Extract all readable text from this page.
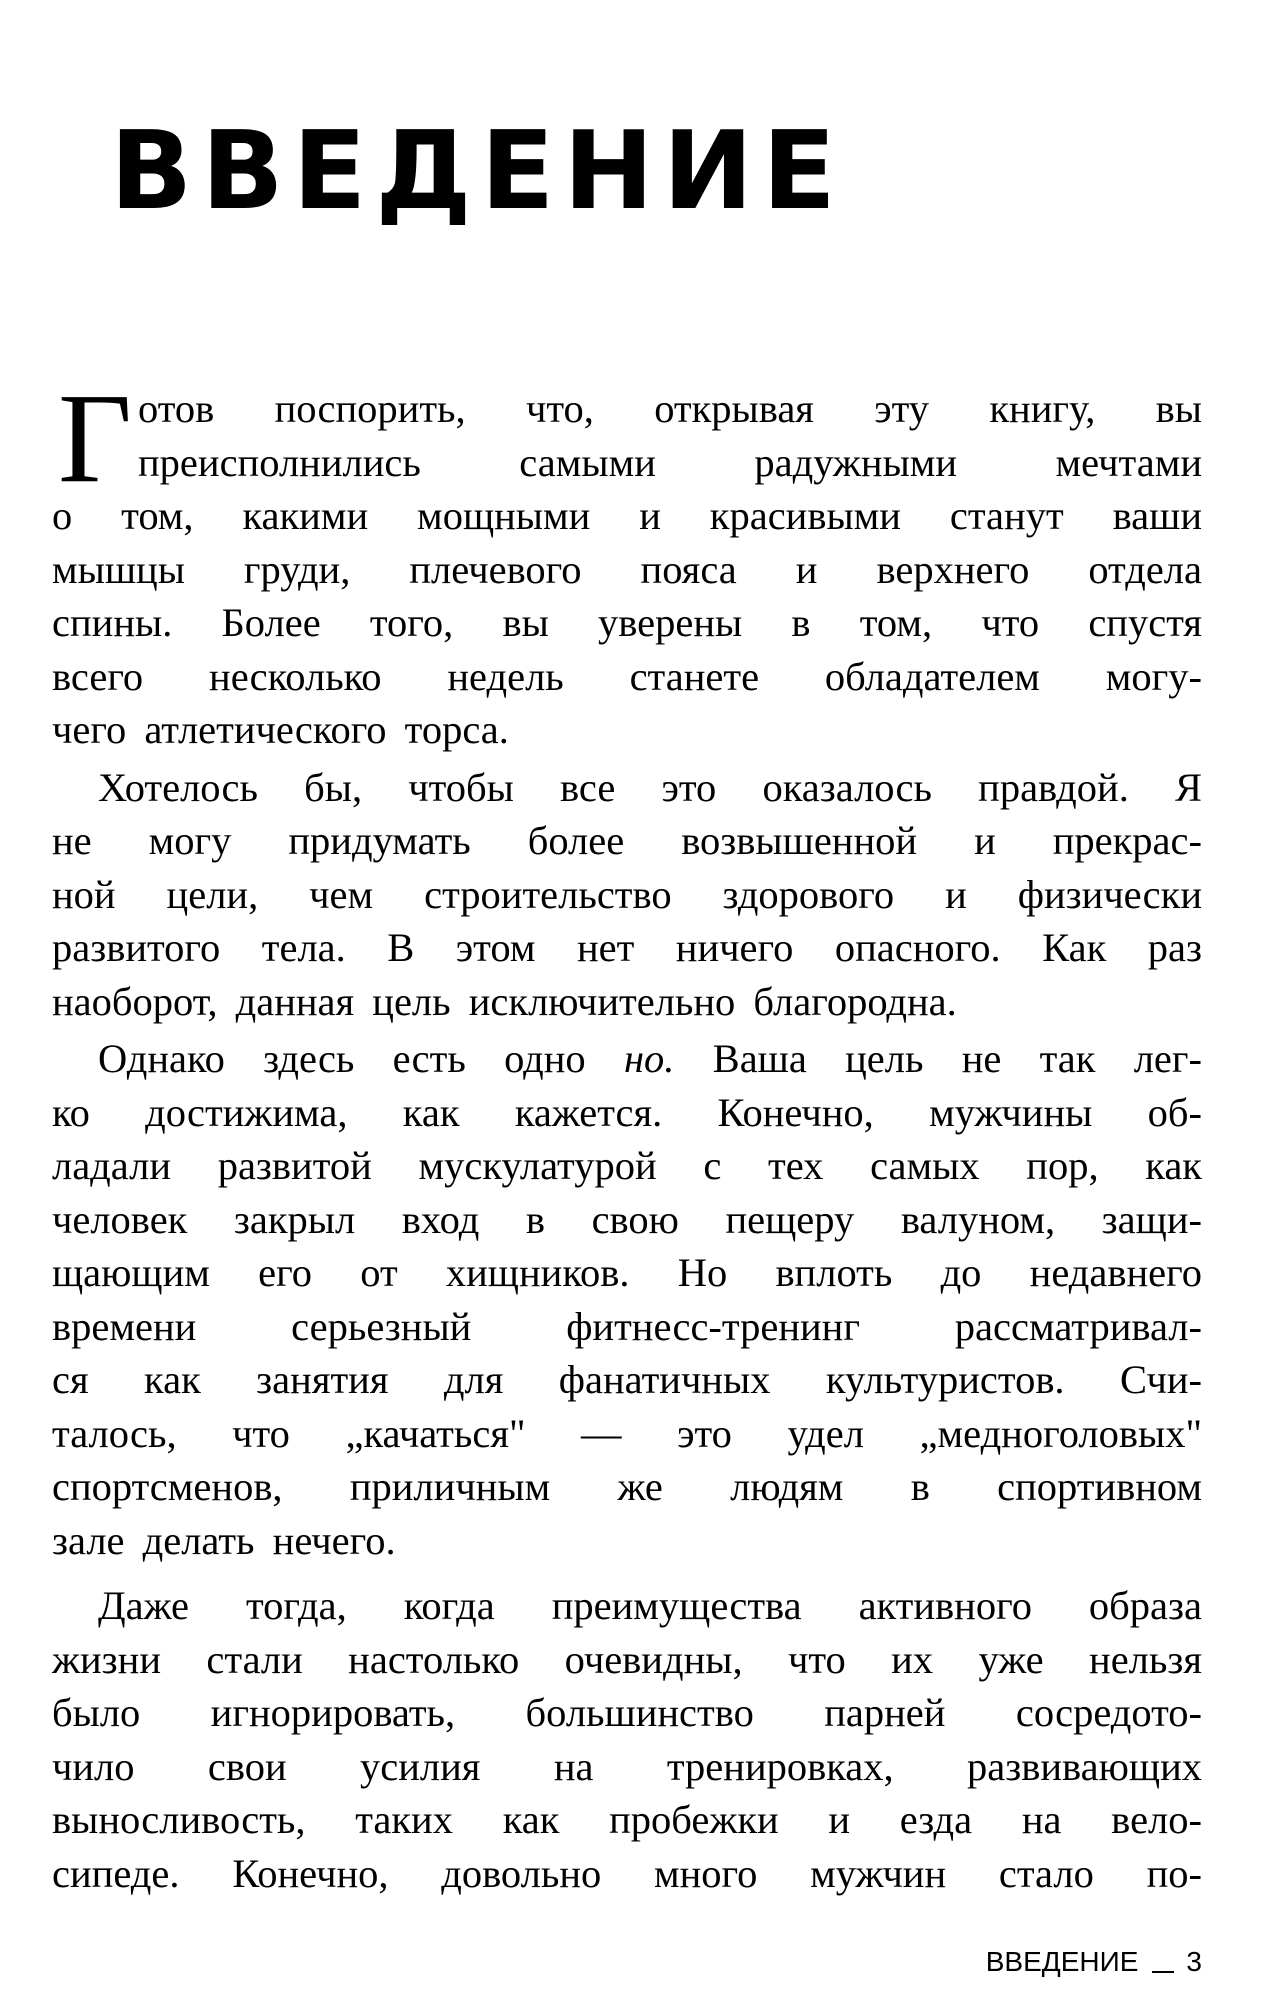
ВВЕДЕНИЕ
Г отов поспорить, что, открывая эту книгу, вы
преисполнились самыми радужными мечтами
о том, какими мощными и красивыми станут ваши
мышцы груди, плечевого пояса и верхнего отдела
спины. Более того, вы уверены в том, что спустя
всего несколько недель станете обладателем могу-
чего атлетического торса.
Хотелось бы, чтобы все это оказалось правдой. Я
не могу придумать более возвышенной и прекрас-
ной цели, чем строительство здорового и физически
развитого тела. В этом нет ничего опасного. Как раз
наоборот, данная цель исключительно благородна.
Однако здесь есть одно но. Ваша цель не так лег-
ко достижима, как кажется. Конечно, мужчины об-
ладали развитой мускулатурой с тех самых пор, как
человек закрыл вход в свою пещеру валуном, защи-
щающим его от хищников. Но вплоть до недавнего
времени серьезный фитнесс-тренинг рассматривал-
ся как занятия для фанатичных культуристов. Счи-
талось, что „качаться" — это удел „медноголовых"
спортсменов, приличным же людям в спортивном
зале делать нечего.
Даже тогда, когда преимущества активного образа
жизни стали настолько очевидны, что их уже нельзя
было игнорировать, большинство парней сосредото-
чило свои усилия на тренировках, развивающих
выносливость, таких как пробежки и езда на вело-
сипеде. Конечно, довольно много мужчин стало по-
ВВЕДЕНИЕ 3
